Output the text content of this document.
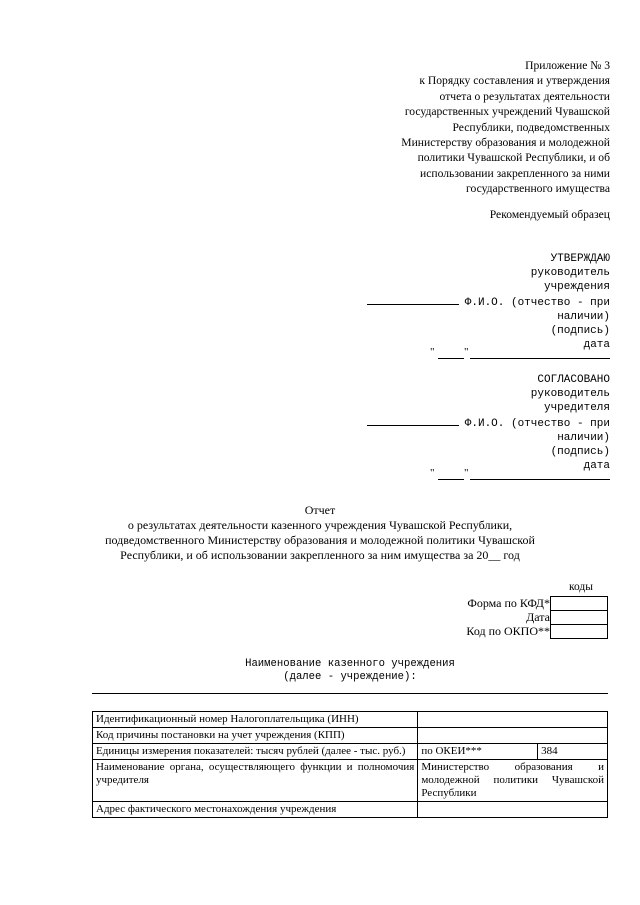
Приложение № 3
к Порядку составления и утверждения
отчета о результатах деятельности
государственных учреждений Чувашской
Республики, подведомственных
Министерству образования и молодежной
политики Чувашской Республики, и об
использовании закрепленного за ними
государственного имущества
Рекомендуемый образец
УТВЕРЖДАЮ
руководитель
учреждения
Ф.И.О. (отчество - при
наличии)
(подпись)
дата
"	"
СОГЛАСОВАНО
руководитель
учредителя
Ф.И.О. (отчество - при
наличии)
(подпись)
дата
"	"
Отчет
о результатах деятельности казенного учреждения Чувашской Республики,
подведомственного Министерству образования и молодежной политики Чувашской
Республики, и об использовании закрепленного за ним имущества за 20__ год
коды
Форма по КФД*
Дата
Код по ОКПО**
Наименование казенного учреждения
(далее - учреждение):
Идентификационный номер Налогоплательщика (ИНН)		
Код причины постановки на учет учреждения (КПП)		
Единицы измерения показателей: тысяч рублей (далее - тыс. руб.)	по ОКЕИ***	384
Наименование органа, осуществляющего функции и полномочия учредителя	Министерство образования и молодежной политики Чувашской Республики	
Адрес фактического местонахождения учреждения		
